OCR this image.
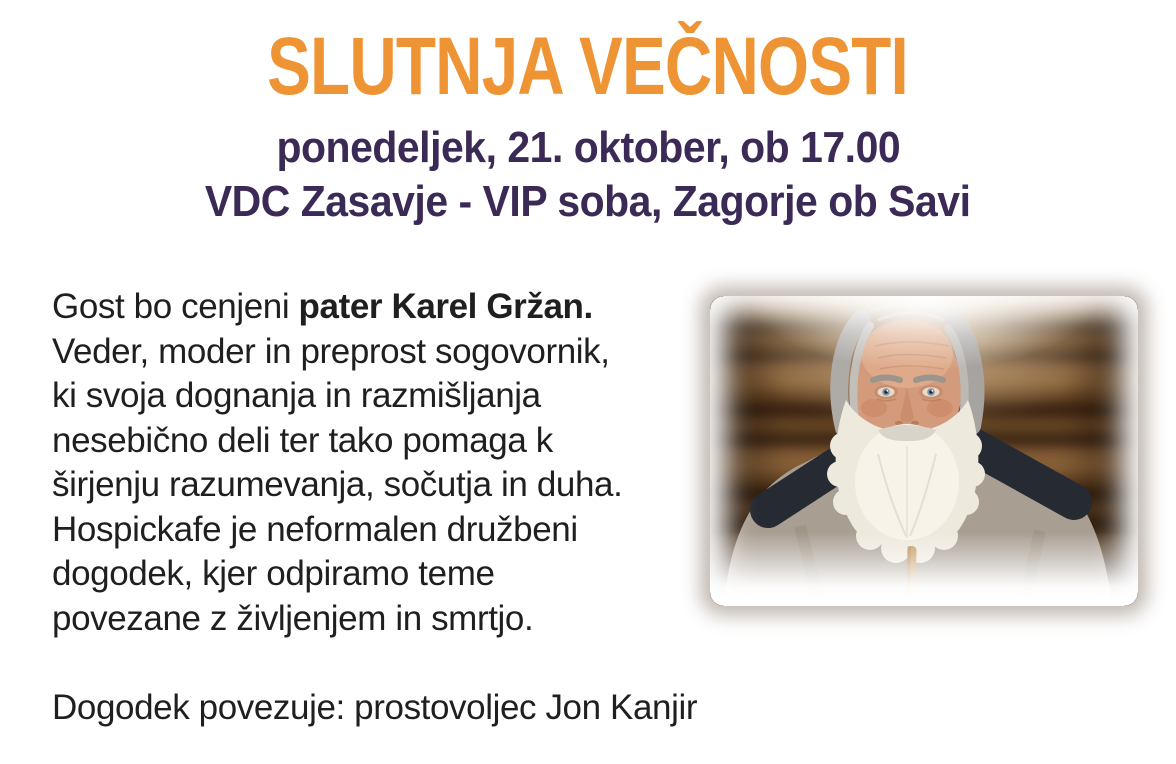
SLUTNJA VEČNOSTI
ponedeljek, 21. oktober, ob 17.00
VDC Zasavje - VIP soba, Zagorje ob Savi
Gost bo cenjeni pater Karel Gržan.
Veder, moder in preprost sogovornik,
ki svoja dognanja in razmišljanja
nesebično deli ter tako pomaga k
širjenju razumevanja, sočutja in duha.
Hospickafe je neformalen družbeni
dogodek, kjer odpiramo teme
povezane z življenjem in smrtjo.
Dogodek povezuje: prostovoljec Jon Kanjir
